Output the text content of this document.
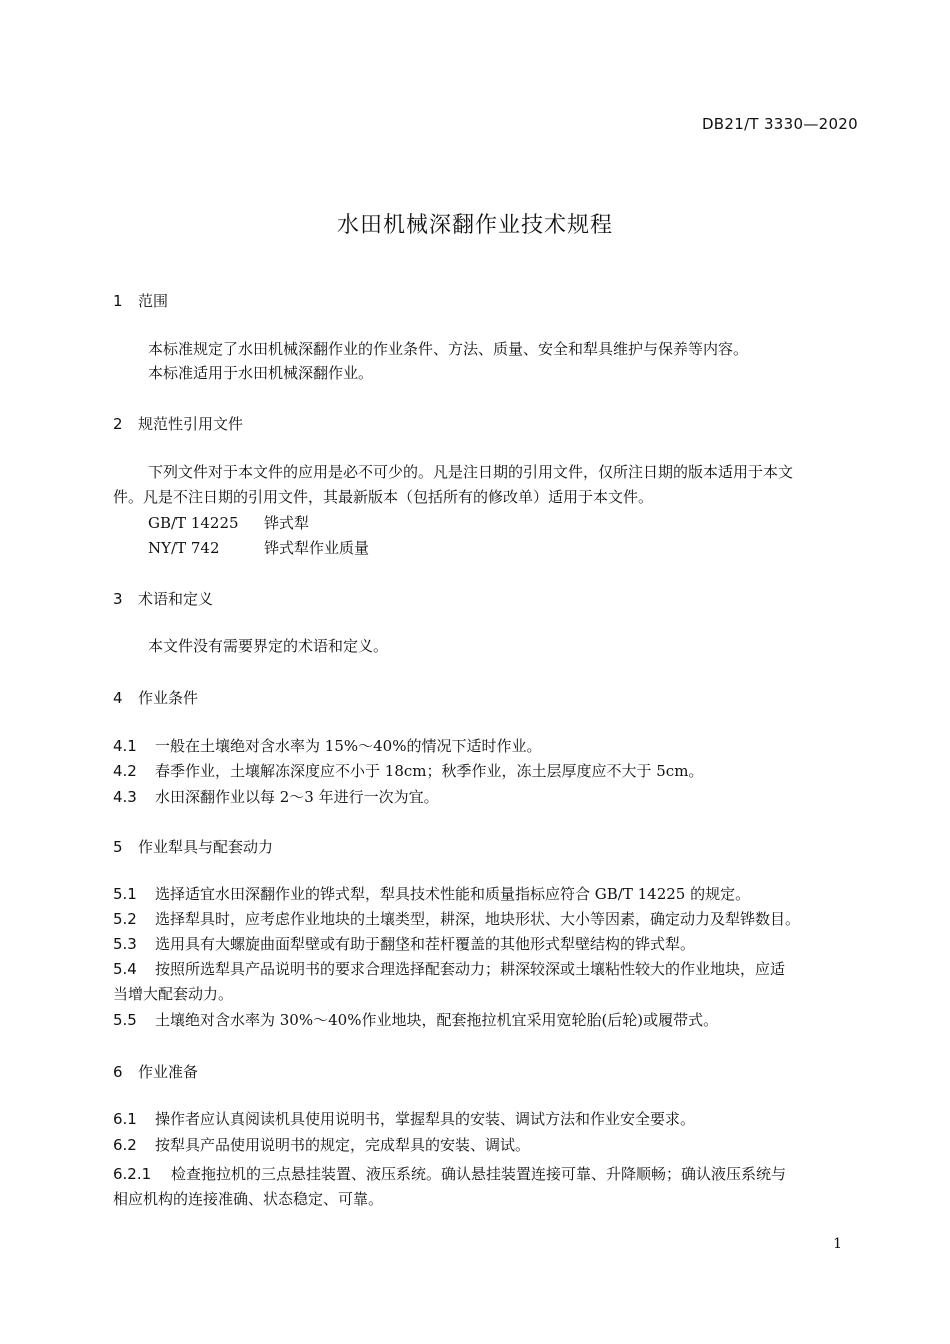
DB21/T 3330—2020
水田机械深翻作业技术规程
1 范围
本标准规定了水田机械深翻作业的作业条件、方法、质量、安全和犁具维护与保养等内容。
本标准适用于水田机械深翻作业。
2 规范性引用文件
下列文件对于本文件的应用是必不可少的。凡是注日期的引用文件，仅所注日期的版本适用于本文
件。凡是不注日期的引用文件，其最新版本（包括所有的修改单）适用于本文件。
GB/T 14225 铧式犁
NY/T 742	铧式犁作业质量
3 术语和定义
本文件没有需要界定的术语和定义。
4 作业条件
4.1 一般在土壤绝对含水率为 15%～40%的情况下适时作业。
4.2 春季作业，土壤解冻深度应不小于 18cm；秋季作业，冻土层厚度应不大于 5cm。
4.3 水田深翻作业以每 2～3 年进行一次为宜。
5 作业犁具与配套动力
5.1 选择适宜水田深翻作业的铧式犁，犁具技术性能和质量指标应符合 GB/T 14225 的规定。
5.2 选择犁具时，应考虑作业地块的土壤类型，耕深，地块形状、大小等因素，确定动力及犁铧数目。
5.3 选用具有大螺旋曲面犁壁或有助于翻垡和茬杆覆盖的其他形式犁壁结构的铧式犁。
5.4 按照所选犁具产品说明书的要求合理选择配套动力；耕深较深或土壤粘性较大的作业地块，应适
当增大配套动力。
5.5 土壤绝对含水率为 30%～40%作业地块，配套拖拉机宜采用宽轮胎(后轮)或履带式。
6 作业准备
6.1 操作者应认真阅读机具使用说明书，掌握犁具的安装、调试方法和作业安全要求。
6.2 按犁具产品使用说明书的规定，完成犁具的安装、调试。
6.2.1 检查拖拉机的三点悬挂装置、液压系统。确认悬挂装置连接可靠、升降顺畅；确认液压系统与
相应机构的连接准确、状态稳定、可靠。
1
